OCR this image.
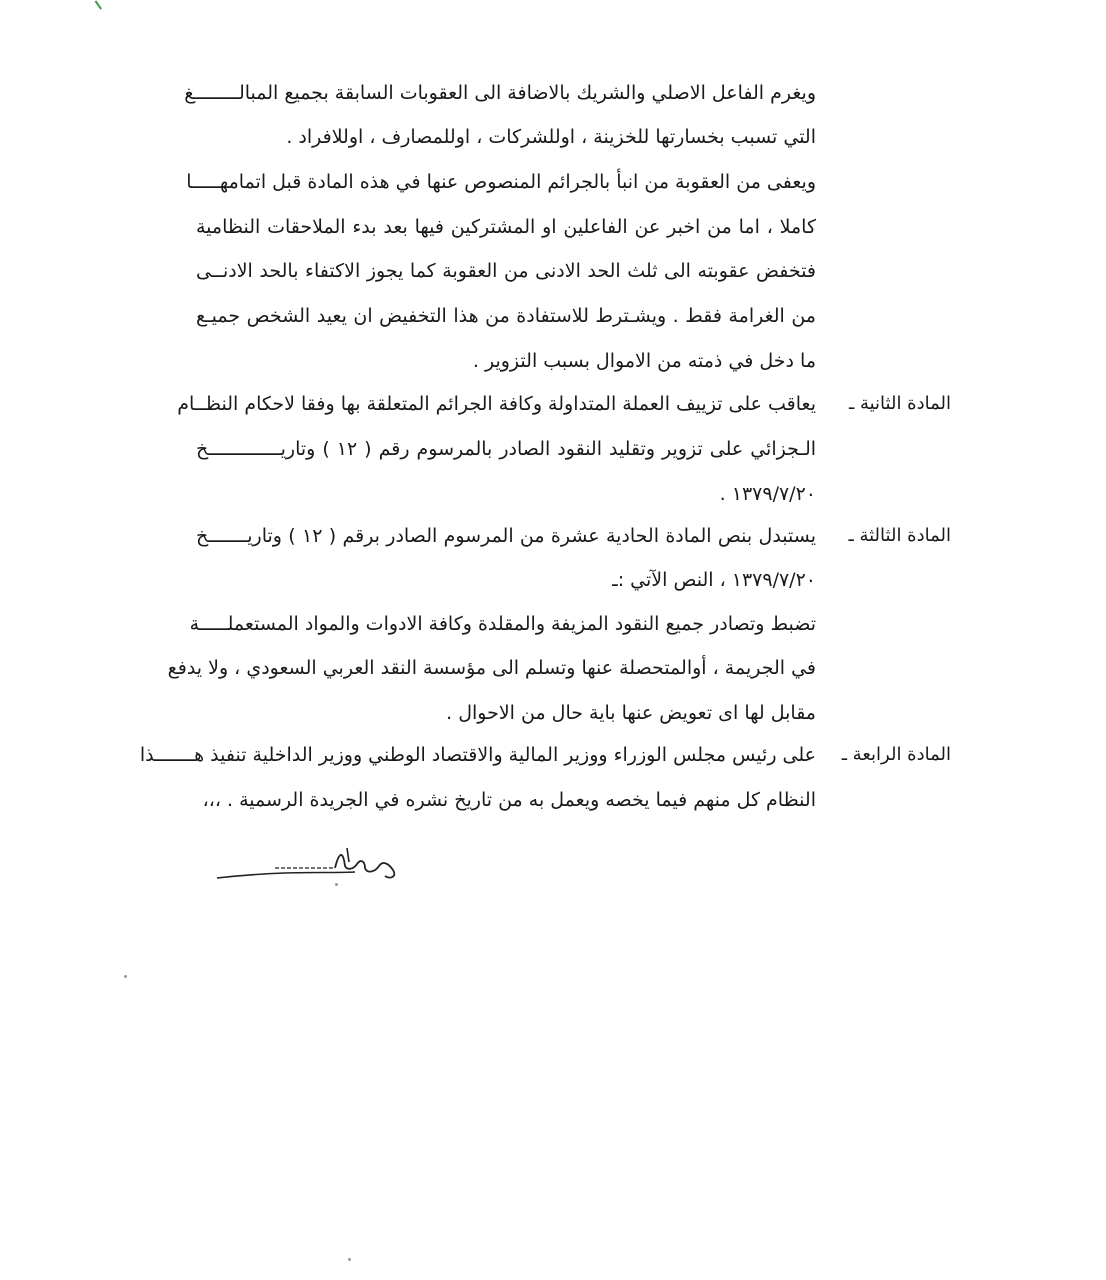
ويغرم الفاعل الاصلي والشريك بالاضافة الى العقوبات السابقة بجميع المبالــــــــغ
التي تسبب بخسارتها للخزينة ، اوللشركات ، اوللمصارف ، اوللافراد .
ويعفى من العقوبة من انبأ بالجرائم المنصوص عنها في هذه المادة قبل اتمامهـــــا
كاملا ، اما من اخبر عن الفاعلين او المشتركين فيها بعد بدء الملاحقات النظامية
فتخفض عقوبته الى ثلث الحد الادنى من العقوبة كما يجوز الاكتفاء بالحد الادنــى
من الغرامة فقط . ويشـترط للاستفادة من هذا التخفيض ان يعيد الشخص جميـع
ما دخل في ذمته من الاموال بسبب التزوير .
المادة الثانية ـ
يعاقب على تزييف العملة المتداولة وكافة الجرائم المتعلقة بها وفقا لاحكام النظــام
الـجزائي على تزوير وتقليد النقود الصادر بالمرسوم رقم ( ١٢ ) وتاريـــــــــــــخ
١٣٧٩/٧/٢٠ .
المادة الثالثة ـ
يستبدل بنص المادة الحادية عشرة من المرسوم الصادر برقم ( ١٢ ) وتاريـــــــخ
١٣٧٩/٧/٢٠ ، النص الآتي :ـ
تضبط وتصادر جميع النقود المزيفة والمقلدة وكافة الادوات والمواد المستعملـــــة
في الجريمة ، أوالمتحصلة عنها وتسلم الى مؤسسة النقد العربي السعودي ، ولا يدفع
مقابل لها اى تعويض عنها باية حال من الاحوال .
المادة الرابعة ـ
على رئيس مجلس الوزراء ووزير المالية والاقتصاد الوطني ووزير الداخلية تنفيذ هـــــــذا
النظام كل منهم فيما يخصه ويعمل به من تاريخ نشره في الجريدة الرسمية . ،،،
